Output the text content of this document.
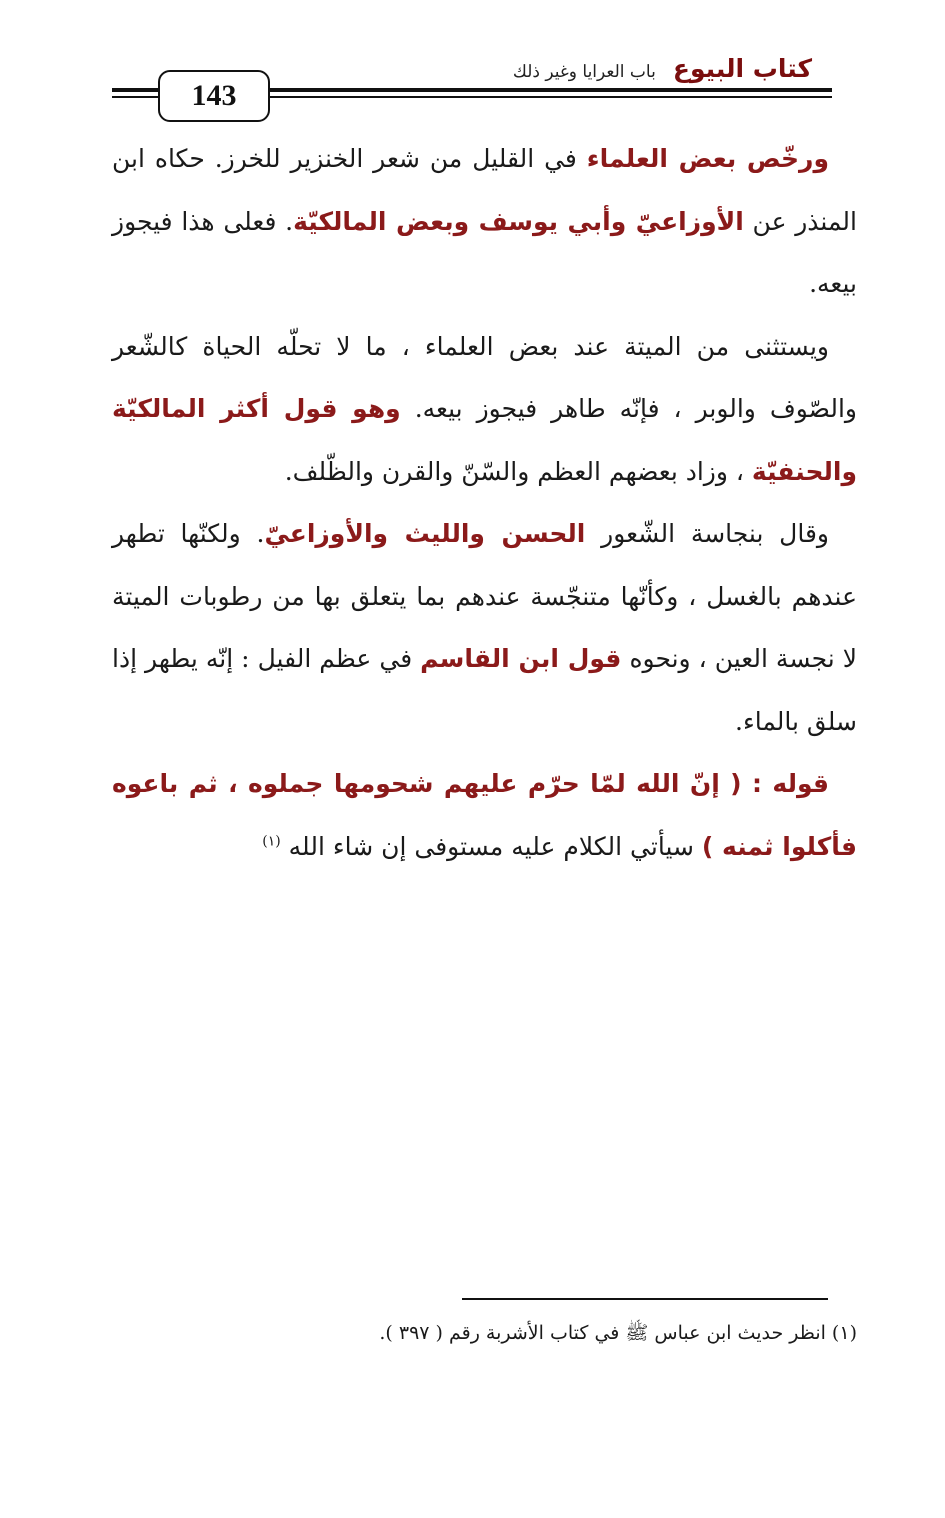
كتاب البيوع باب العرايا وغير ذلك
143

ورخّص بعض العلماء في القليل من شعر الخنزير للخرز. حكاه ابن المنذر عن الأوزاعيّ وأبي يوسف وبعض المالكيّة. فعلى هذا فيجوز بيعه.

ويستثنى من الميتة عند بعض العلماء ، ما لا تحلّه الحياة كالشّعر والصّوف والوبر ، فإنّه طاهر فيجوز بيعه. وهو قول أكثر المالكيّة والحنفيّة ، وزاد بعضهم العظم والسّنّ والقرن والظّلف.

وقال بنجاسة الشّعور الحسن والليث والأوزاعيّ. ولكنّها تطهر عندهم بالغسل ، وكأنّها متنجّسة عندهم بما يتعلق بها من رطوبات الميتة لا نجسة العين ، ونحوه قول ابن القاسم في عظم الفيل : إنّه يطهر إذا سلق بالماء.

قوله : ( إنّ الله لمّا حرّم عليهم شحومها جملوه ، ثم باعوه فأكلوا ثمنه ) سيأتي الكلام عليه مستوفى إن شاء الله $^{(١)}$

(١) انظر حديث ابن عباس ﷺ في كتاب الأشربة رقم ( ٣٩٧ ).
